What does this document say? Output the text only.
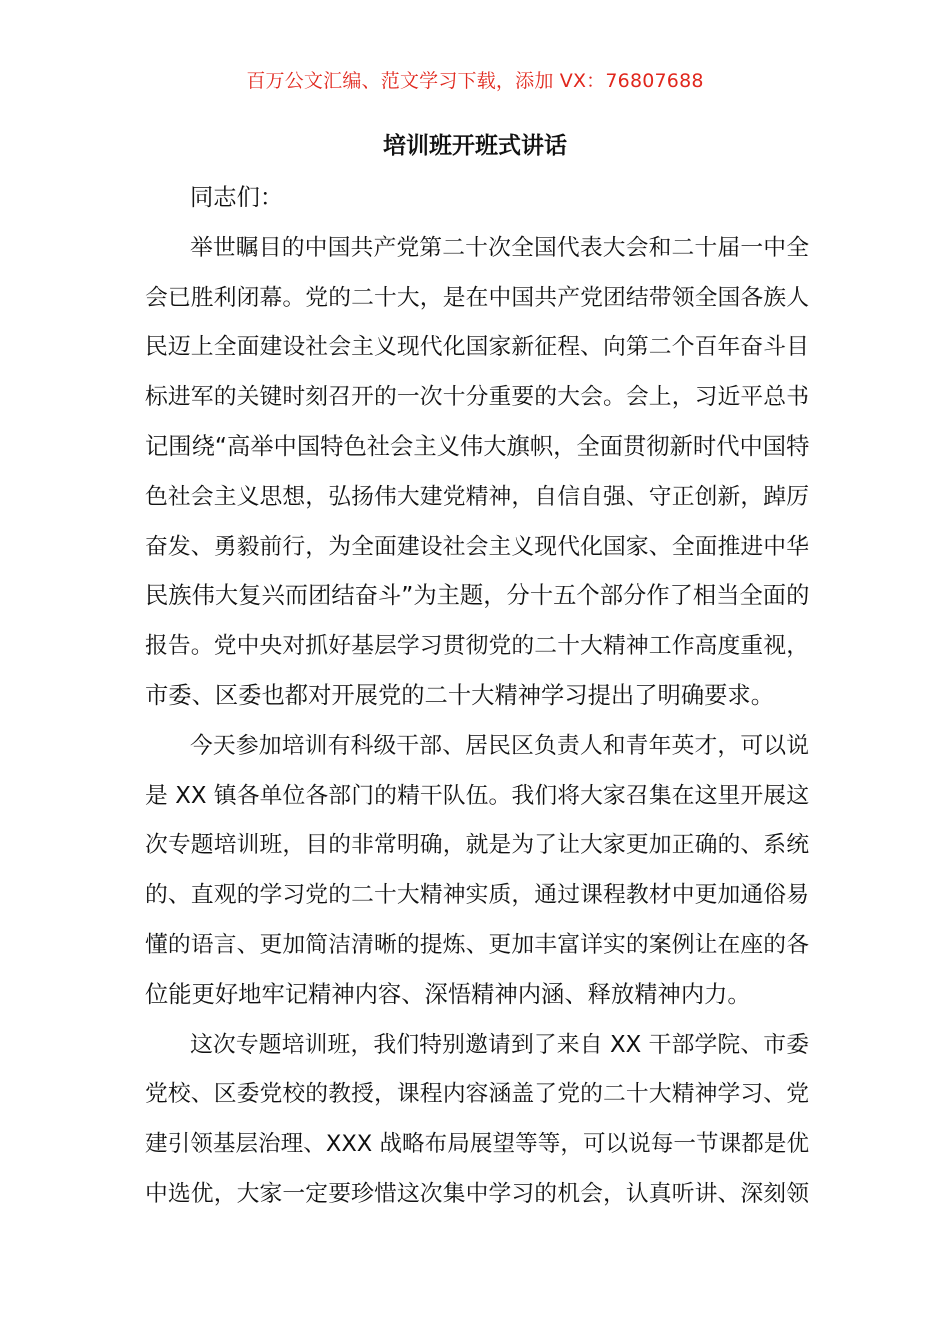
百万公文汇编、范文学习下载，添加 VX：76807688
培训班开班式讲话
同志们：
举世瞩目的中国共产党第二十次全国代表大会和二十届一中全
会已胜利闭幕。党的二十大，是在中国共产党团结带领全国各族人
民迈上全面建设社会主义现代化国家新征程、向第二个百年奋斗目
标进军的关键时刻召开的一次十分重要的大会。会上，习近平总书
记围绕“高举中国特色社会主义伟大旗帜，全面贯彻新时代中国特
色社会主义思想，弘扬伟大建党精神，自信自强、守正创新，踔厉
奋发、勇毅前行，为全面建设社会主义现代化国家、全面推进中华
民族伟大复兴而团结奋斗”为主题，分十五个部分作了相当全面的
报告。党中央对抓好基层学习贯彻党的二十大精神工作高度重视，
市委、区委也都对开展党的二十大精神学习提出了明确要求。
今天参加培训有科级干部、居民区负责人和青年英才，可以说
是 XX 镇各单位各部门的精干队伍。我们将大家召集在这里开展这
次专题培训班，目的非常明确，就是为了让大家更加正确的、系统
的、直观的学习党的二十大精神实质，通过课程教材中更加通俗易
懂的语言、更加简洁清晰的提炼、更加丰富详实的案例让在座的各
位能更好地牢记精神内容、深悟精神内涵、释放精神内力。
这次专题培训班，我们特别邀请到了来自 XX 干部学院、市委
党校、区委党校的教授，课程内容涵盖了党的二十大精神学习、党
建引领基层治理、XXX 战略布局展望等等，可以说每一节课都是优
中选优，大家一定要珍惜这次集中学习的机会，认真听讲、深刻领
